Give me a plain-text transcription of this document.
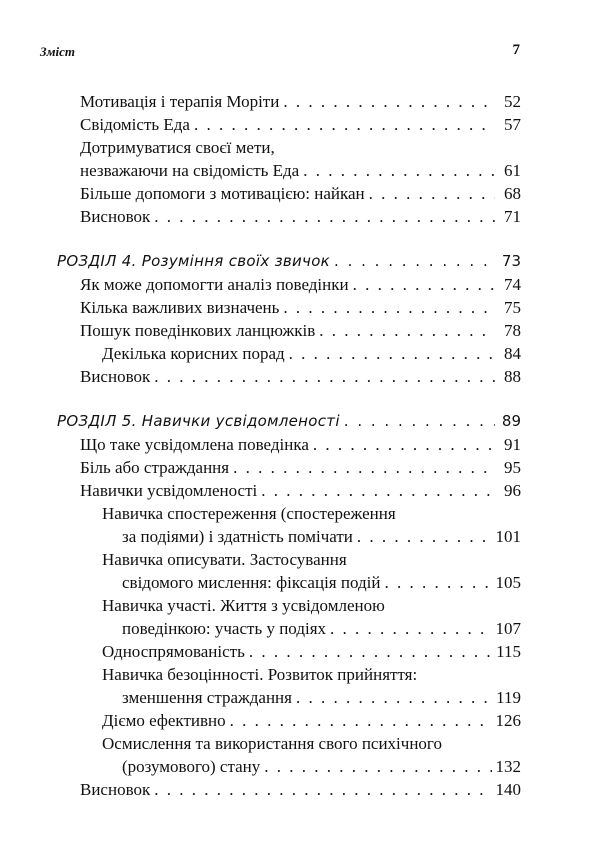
Зміст	7
Мотивація і терапія Моріти . . .	52
Свідомість Еда . . .	57
Дотримуватися своєї мети,
незважаючи на свідомість Еда . . .	61
Більше допомоги з мотивацією: найкан . . .	68
Висновок . . .	71
РОЗДІЛ 4. Розуміння своїх звичок . . .	73
Як може допомогти аналіз поведінки . . .	74
Кілька важливих визначень . . .	75
Пошук поведінкових ланцюжків . . .	78
Декілька корисних порад . . .	84
Висновок . . .	88
РОЗДІЛ 5. Навички усвідомленості . . .	89
Що таке усвідомлена поведінка . . .	91
Біль або страждання . . .	95
Навички усвідомленості . . .	96
Навичка спостереження (спостереження
за подіями) і здатність помічати . . .	101
Навичка описувати. Застосування
свідомого мислення: фіксація подій . . .	105
Навичка участі. Життя з усвідомленою
поведінкою: участь у подіях . . .	107
Односпрямованість . . .	115
Навичка безоцінності. Розвиток прийняття:
зменшення страждання . . .	119
Діємо ефективно . . .	126
Осмислення та використання свого психічного
(розумового) стану . . .	132
Висновок . . .	140
